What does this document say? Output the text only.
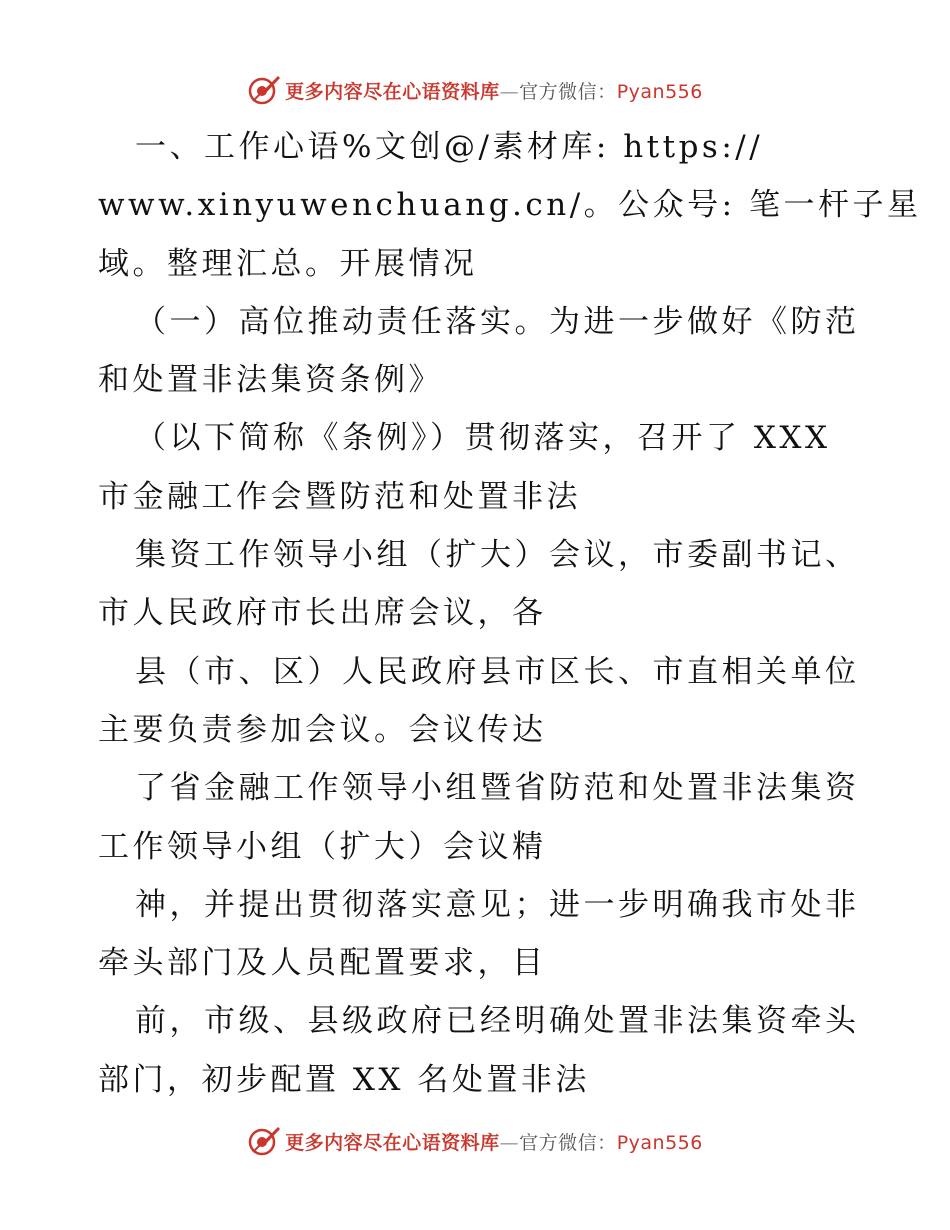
更多内容尽在心语资料库—官方微信：Pyan556
一、工作心语%文创@/素材库: https://
www.xinyuwenchuang.cn/。公众号: 笔一杆子星
域。整理汇总。开展情况
（一）高位推动责任落实。为进一步做好《防范
和处置非法集资条例》
（以下简称《条例》）贯彻落实，召开了 XXX
市金融工作会暨防范和处置非法
集资工作领导小组（扩大）会议，市委副书记、
市人民政府市长出席会议，各
县（市、区）人民政府县市区长、市直相关单位
主要负责参加会议。会议传达
了省金融工作领导小组暨省防范和处置非法集资
工作领导小组（扩大）会议精
神，并提出贯彻落实意见；进一步明确我市处非
牵头部门及人员配置要求，目
前，市级、县级政府已经明确处置非法集资牵头
部门，初步配置 XX 名处置非法
更多内容尽在心语资料库—官方微信：Pyan556
